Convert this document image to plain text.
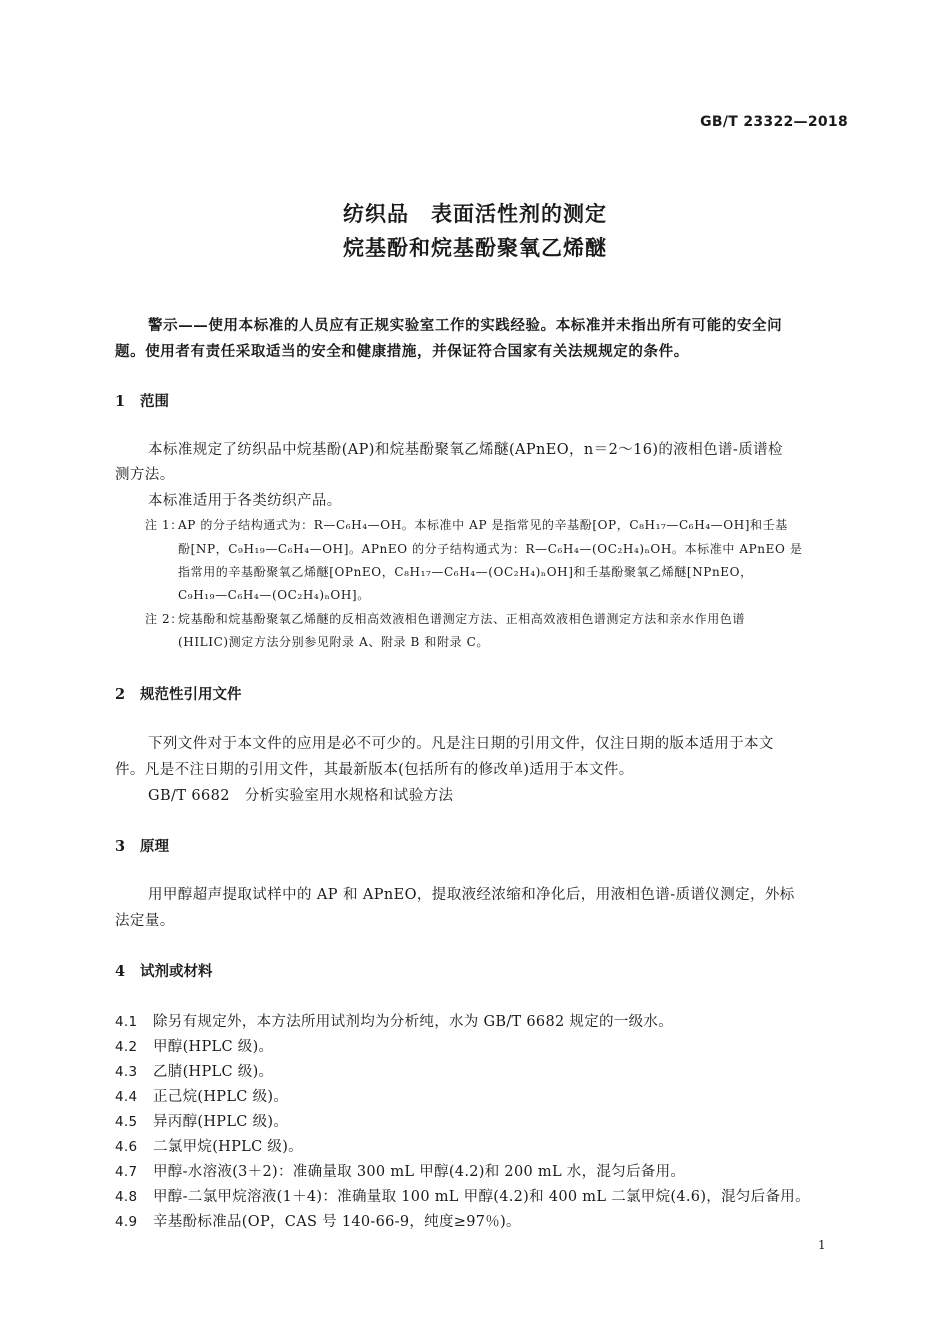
GB/T 23322—2018
纺织品　表面活性剂的测定
烷基酚和烷基酚聚氧乙烯醚
警示——使用本标准的人员应有正规实验室工作的实践经验。本标准并未指出所有可能的安全问
题。使用者有责任采取适当的安全和健康措施，并保证符合国家有关法规规定的条件。
1 范围
本标准规定了纺织品中烷基酚(AP)和烷基酚聚氧乙烯醚(APnEO，n＝2～16)的液相色谱-质谱检
测方法。
本标准适用于各类纺织产品。
注 1：
AP 的分子结构通式为：R—C₆H₄—OH。本标准中 AP 是指常见的辛基酚[OP，C₈H₁₇—C₆H₄—OH]和壬基
酚[NP，C₉H₁₉—C₆H₄—OH]。APnEO 的分子结构通式为：R—C₆H₄—(OC₂H₄)ₙOH。本标准中 APnEO 是
指常用的辛基酚聚氧乙烯醚[OPnEO，C₈H₁₇—C₆H₄—(OC₂H₄)ₙOH]和壬基酚聚氧乙烯醚[NPnEO，
C₉H₁₉—C₆H₄—(OC₂H₄)ₙOH]。
注 2：
烷基酚和烷基酚聚氧乙烯醚的反相高效液相色谱测定方法、正相高效液相色谱测定方法和亲水作用色谱
(HILIC)测定方法分别参见附录 A、附录 B 和附录 C。
2 规范性引用文件
下列文件对于本文件的应用是必不可少的。凡是注日期的引用文件，仅注日期的版本适用于本文
件。凡是不注日期的引用文件，其最新版本(包括所有的修改单)适用于本文件。
GB/T 6682　分析实验室用水规格和试验方法
3 原理
用甲醇超声提取试样中的 AP 和 APnEO，提取液经浓缩和净化后，用液相色谱-质谱仪测定，外标
法定量。
4 试剂或材料
4.1 除另有规定外，本方法所用试剂均为分析纯，水为 GB/T 6682 规定的一级水。
4.2 甲醇(HPLC 级)。
4.3 乙腈(HPLC 级)。
4.4 正己烷(HPLC 级)。
4.5 异丙醇(HPLC 级)。
4.6 二氯甲烷(HPLC 级)。
4.7 甲醇-水溶液(3＋2)：准确量取 300 mL 甲醇(4.2)和 200 mL 水，混匀后备用。
4.8 甲醇-二氯甲烷溶液(1＋4)：准确量取 100 mL 甲醇(4.2)和 400 mL 二氯甲烷(4.6)，混匀后备用。
4.9 辛基酚标准品(OP，CAS 号 140-66-9，纯度≥97％)。
1
